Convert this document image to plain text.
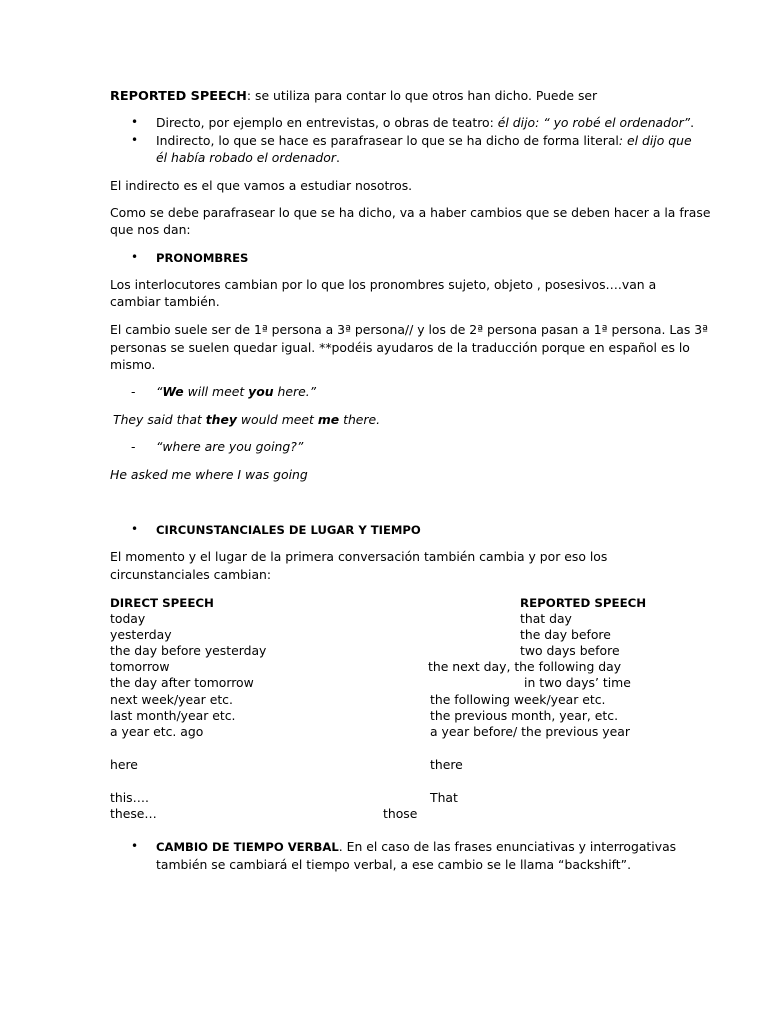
REPORTED SPEECH: se utiliza para contar lo que otros han dicho. Puede ser
• Directo, por ejemplo en entrevistas, o obras de teatro: él dijo: “ yo robé el ordenador”.
• Indirecto, lo que se hace es parafrasear lo que se ha dicho de forma literal: el dijo que
él había robado el ordenador.
El indirecto es el que vamos a estudiar nosotros.
Como se debe parafrasear lo que se ha dicho, va a haber cambios que se deben hacer a la frase
que nos dan:
• PRONOMBRES
Los interlocutores cambian por lo que los pronombres sujeto, objeto , posesivos….van a
cambiar también.
El cambio suele ser de 1ª persona a 3ª persona// y los de 2ª persona pasan a 1ª persona. Las 3ª
personas se suelen quedar igual. **podéis ayudaros de la traducción porque en español es lo
mismo.
- “We will meet you here.”
They said that they would meet me there.
- “where are you going?”
He asked me where I was going
• CIRCUNSTANCIALES DE LUGAR Y TIEMPO
El momento y el lugar de la primera conversación también cambia y por eso los
circunstanciales cambian:
DIRECT SPEECH	REPORTED SPEECH
today	that day
yesterday	the day before
the day before yesterday	two days before
tomorrow	the next day, the following day
the day after tomorrow	in two days’ time
next week/year etc.	the following week/year etc.
last month/year etc.	the previous month, year, etc.
a year etc. ago	a year before/ the previous year
here	there
this….	That
these…	those
• CAMBIO DE TIEMPO VERBAL. En el caso de las frases enunciativas y interrogativas
también se cambiará el tiempo verbal, a ese cambio se le llama “backshift”.
